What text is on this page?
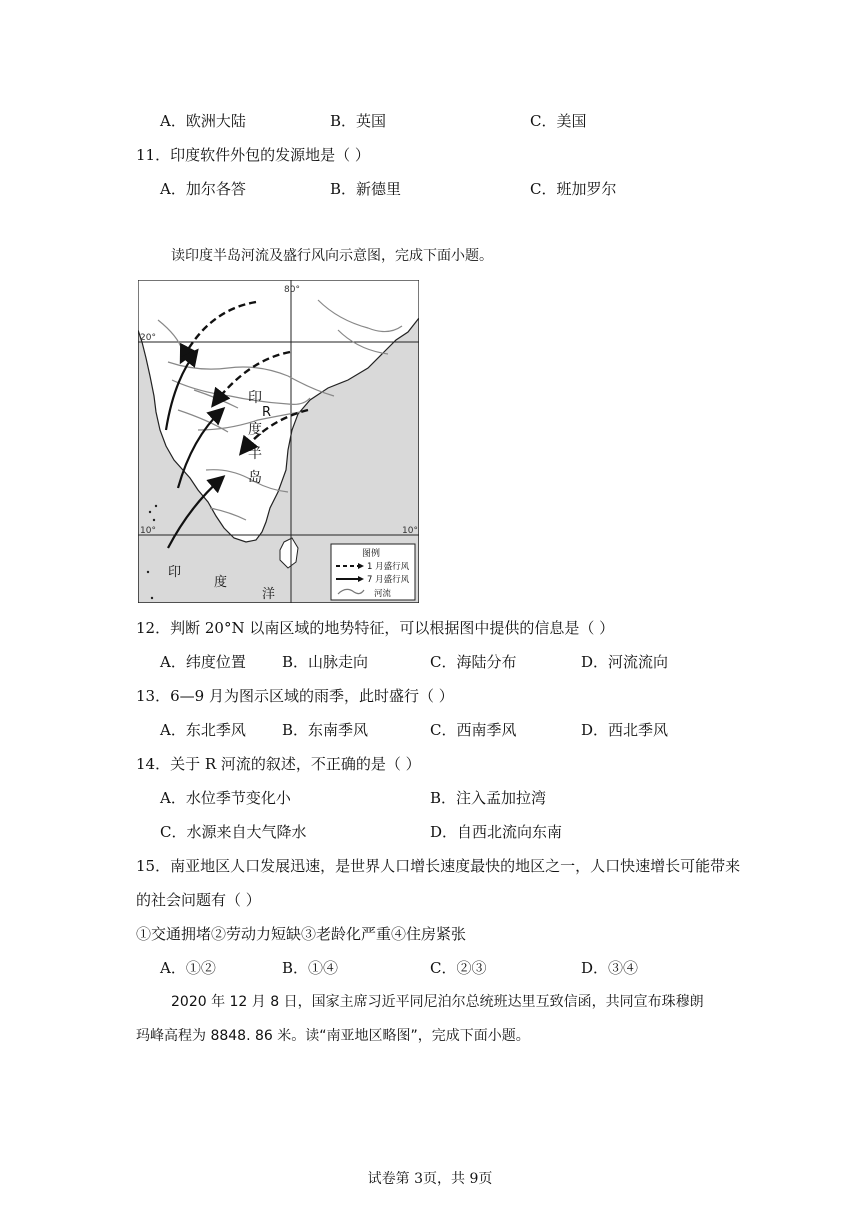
A．欧洲大陆	B．英国	C．美国
11．印度软件外包的发源地是（ ）
A．加尔各答	B．新德里	C．班加罗尔
读印度半岛河流及盛行风向示意图，完成下面小题。
80°
20°
10°	10°
印
R
度
半
岛
印
度
洋
图例
1 月盛行风
7 月盛行风
河流
12．判断 20°N 以南区域的地势特征，可以根据图中提供的信息是（ ）
A．纬度位置 B．山脉走向	C．海陆分布	D．河流流向
13．6—9 月为图示区域的雨季，此时盛行（ ）
A．东北季风 B．东南季风	C．西南季风	D．西北季风
14．关于 R 河流的叙述，不正确的是（ ）
A．水位季节变化小	B．注入孟加拉湾
C．水源来自大气降水	D．自西北流向东南
15．南亚地区人口发展迅速，是世界人口增长速度最快的地区之一，人口快速增长可能带来
的社会问题有（ ）
①交通拥堵②劳动力短缺③老龄化严重④住房紧张
A．①②	B．①④	C．②③	D．③④
2020 年 12 月 8 日，国家主席习近平同尼泊尔总统班达里互致信函，共同宣布珠穆朗
玛峰高程为 8848. 86 米。读“南亚地区略图”，完成下面小题。
试卷第 3页，共 9页
